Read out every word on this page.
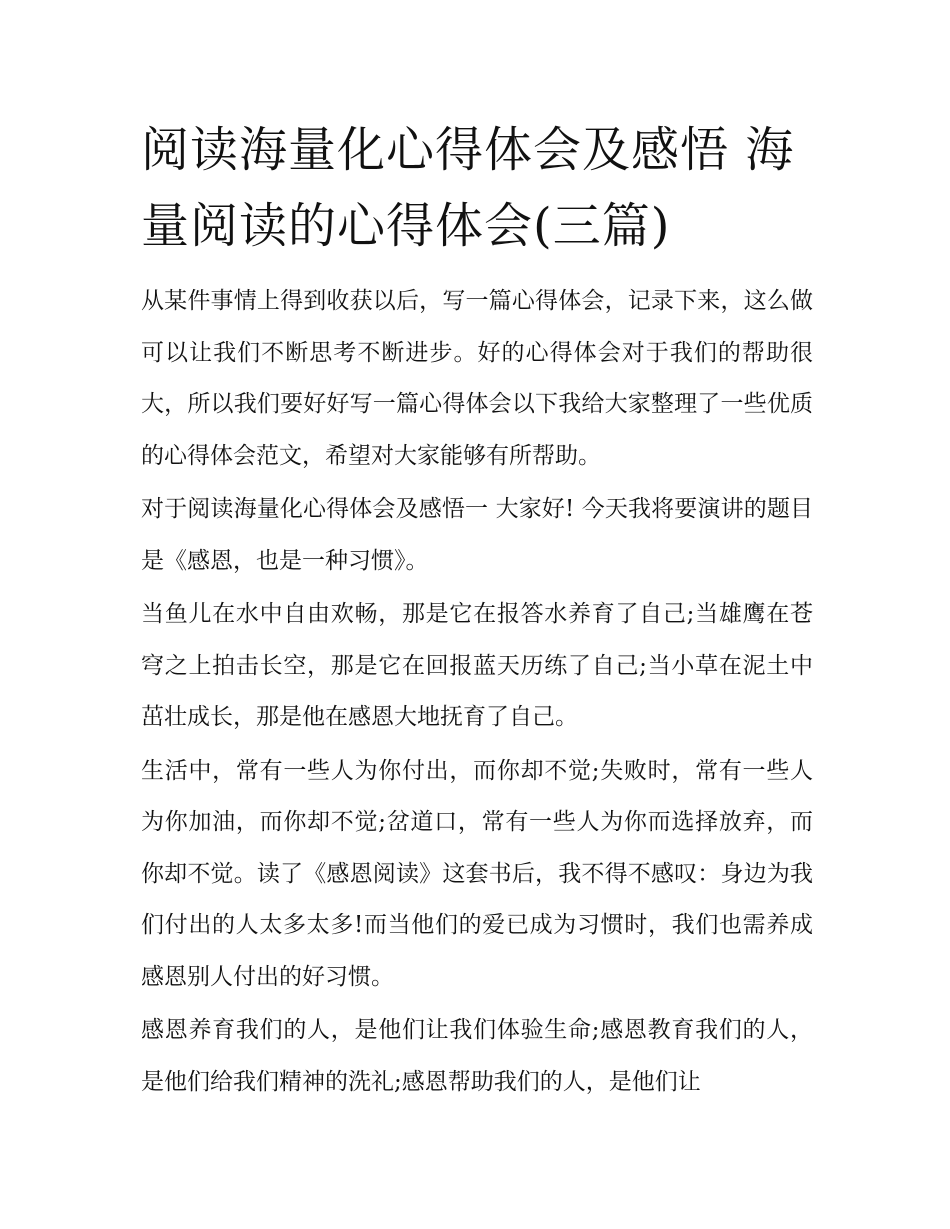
阅读海量化心得体会及感悟 海量阅读的心得体会(三篇)

从某件事情上得到收获以后，写一篇心得体会，记录下来，这么做可以让我们不断思考不断进步。好的心得体会对于我们的帮助很大，所以我们要好好写一篇心得体会以下我给大家整理了一些优质的心得体会范文，希望对大家能够有所帮助。

对于阅读海量化心得体会及感悟一 大家好! 今天我将要演讲的题目是《感恩，也是一种习惯》。

当鱼儿在水中自由欢畅，那是它在报答水养育了自己;当雄鹰在苍穹之上拍击长空，那是它在回报蓝天历练了自己;当小草在泥土中茁壮成长，那是他在感恩大地抚育了自己。

生活中，常有一些人为你付出，而你却不觉;失败时，常有一些人为你加油，而你却不觉;岔道口，常有一些人为你而选择放弃，而你却不觉。读了《感恩阅读》这套书后，我不得不感叹：身边为我们付出的人太多太多!而当他们的爱已成为习惯时，我们也需养成感恩别人付出的好习惯。

感恩养育我们的人，是他们让我们体验生命;感恩教育我们的人，是他们给我们精神的洗礼;感恩帮助我们的人，是他们让
